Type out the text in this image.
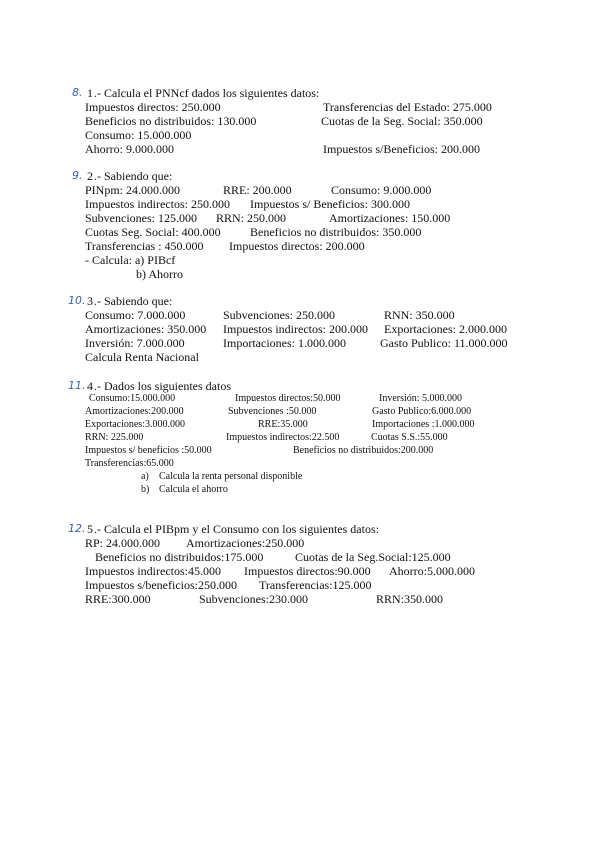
8. 1 .- Calcula el PNNcf dados los siguientes datos:
Impuestos directos: 250.000	Transferencias del Estado: 275.000
Beneficios no distribuidos: 130.000	Cuotas de la Seg. Social: 350.000
Consumo: 15.000.000
Ahorro: 9.000.000	Impuestos s/Beneficios: 200.000
9. 2 .- Sabiendo que:
PINpm: 24.000.000	RRE: 200.000	Consumo: 9.000.000
Impuestos indirectos: 250.000 Impuestos s/ Beneficios: 300.000
Subvenciones: 125.000 RRN: 250.000	Amortizaciones: 150.000
Cuotas Seg. Social: 400.000 Beneficios no distribuidos: 350.000
Transferencias : 450.000 Impuestos directos: 200.000
- Calcula: a) PIBcf
b) Ahorro
10. 3 .- Sabiendo que:
Consumo: 7.000.000	Subvenciones: 250.000	RNN: 350.000
Amortizaciones: 350.000 Impuestos indirectos: 200.000 Exportaciones: 2.000.000
Inversión: 7.000.000	Importaciones: 1.000.000	Gasto Publico: 11.000.000
Calcula Renta Nacional
11. 4 .- Dados los siguientes datos
Consumo:15.000.000	Impuestos directos:50.000	Inversión: 5.000.000
Amortizaciones:200.000	Subvenciones :50.000	Gasto Publico:6.000.000
Exportaciones:3.000.000	RRE:35.000	Importaciones :1.000.000
RRN: 225.000	Impuestos indirectos:22.500	Cuotas S.S.:55.000
Impuestos s/ beneficios :50.000	Beneficios no distribuidos:200.000
Transferencias:65.000
a) Calcula la renta personal disponible
b) Calcula el ahorro
12. 5 .- Calcula el PIBpm y el Consumo con los siguientes datos:
RP: 24.000.000 Amortizaciones:250.000
Beneficios no distribuidos:175.000	Cuotas de la Seg.Social:125.000
Impuestos indirectos:45.000 Impuestos directos:90.000 Ahorro:5.000.000
Impuestos s/beneficios:250.000 Transferencias:125.000
RRE:300.000	Subvenciones:230.000	RRN:350.000
